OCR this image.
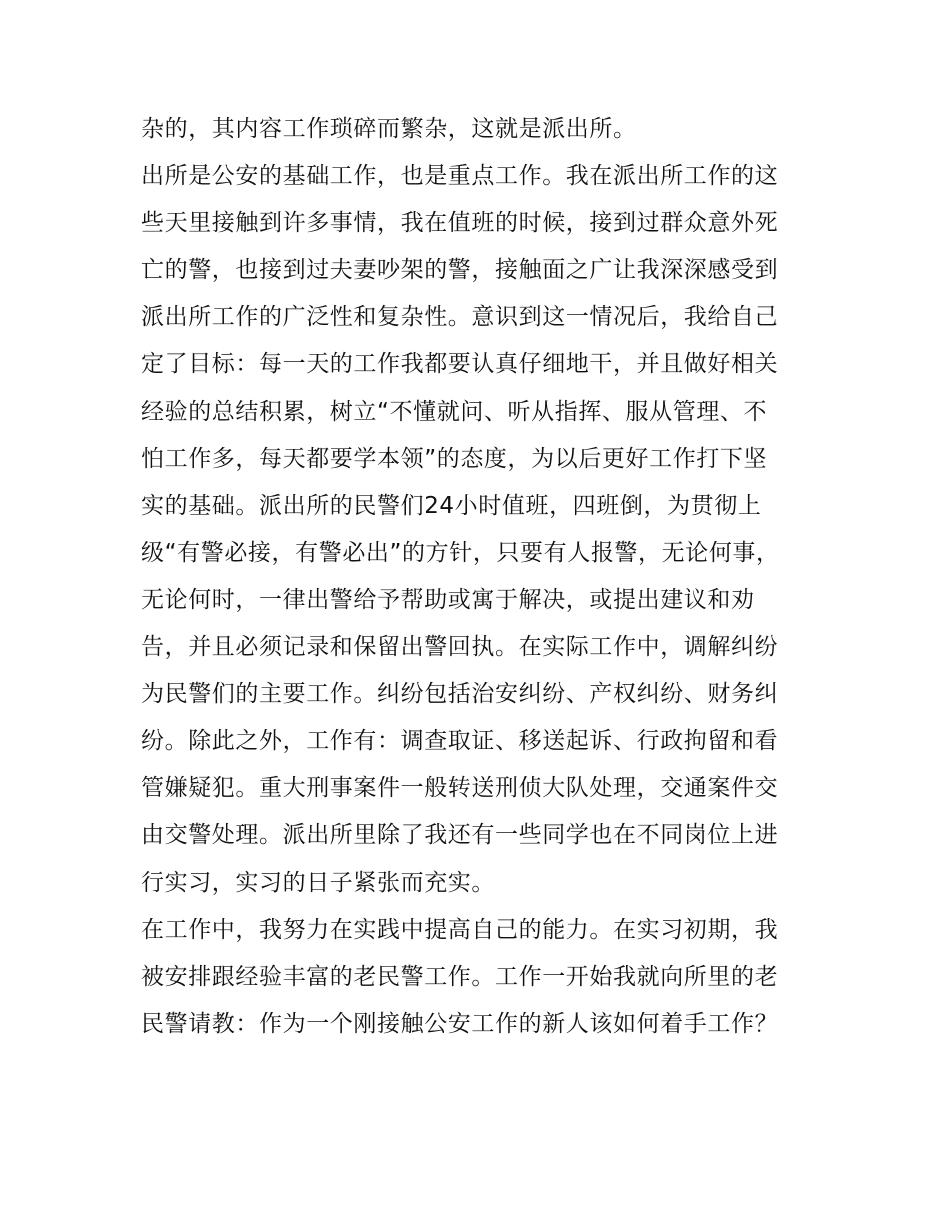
杂的，其内容工作琐碎而繁杂，这就是派出所。
出所是公安的基础工作，也是重点工作。我在派出所工作的这
些天里接触到许多事情，我在值班的时候，接到过群众意外死
亡的警，也接到过夫妻吵架的警，接触面之广让我深深感受到
派出所工作的广泛性和复杂性。意识到这一情况后，我给自己
定了目标：每一天的工作我都要认真仔细地干，并且做好相关
经验的总结积累，树立“不懂就问、听从指挥、服从管理、不
怕工作多，每天都要学本领”的态度，为以后更好工作打下坚
实的基础。派出所的民警们24小时值班，四班倒，为贯彻上
级“有警必接，有警必出”的方针，只要有人报警，无论何事，
无论何时，一律出警给予帮助或寓于解决，或提出建议和劝
告，并且必须记录和保留出警回执。在实际工作中，调解纠纷
为民警们的主要工作。纠纷包括治安纠纷、产权纠纷、财务纠
纷。除此之外，工作有：调查取证、移送起诉、行政拘留和看
管嫌疑犯。重大刑事案件一般转送刑侦大队处理，交通案件交
由交警处理。派出所里除了我还有一些同学也在不同岗位上进
行实习，实习的日子紧张而充实。
在工作中，我努力在实践中提高自己的能力。在实习初期，我
被安排跟经验丰富的老民警工作。工作一开始我就向所里的老
民警请教：作为一个刚接触公安工作的新人该如何着手工作？
